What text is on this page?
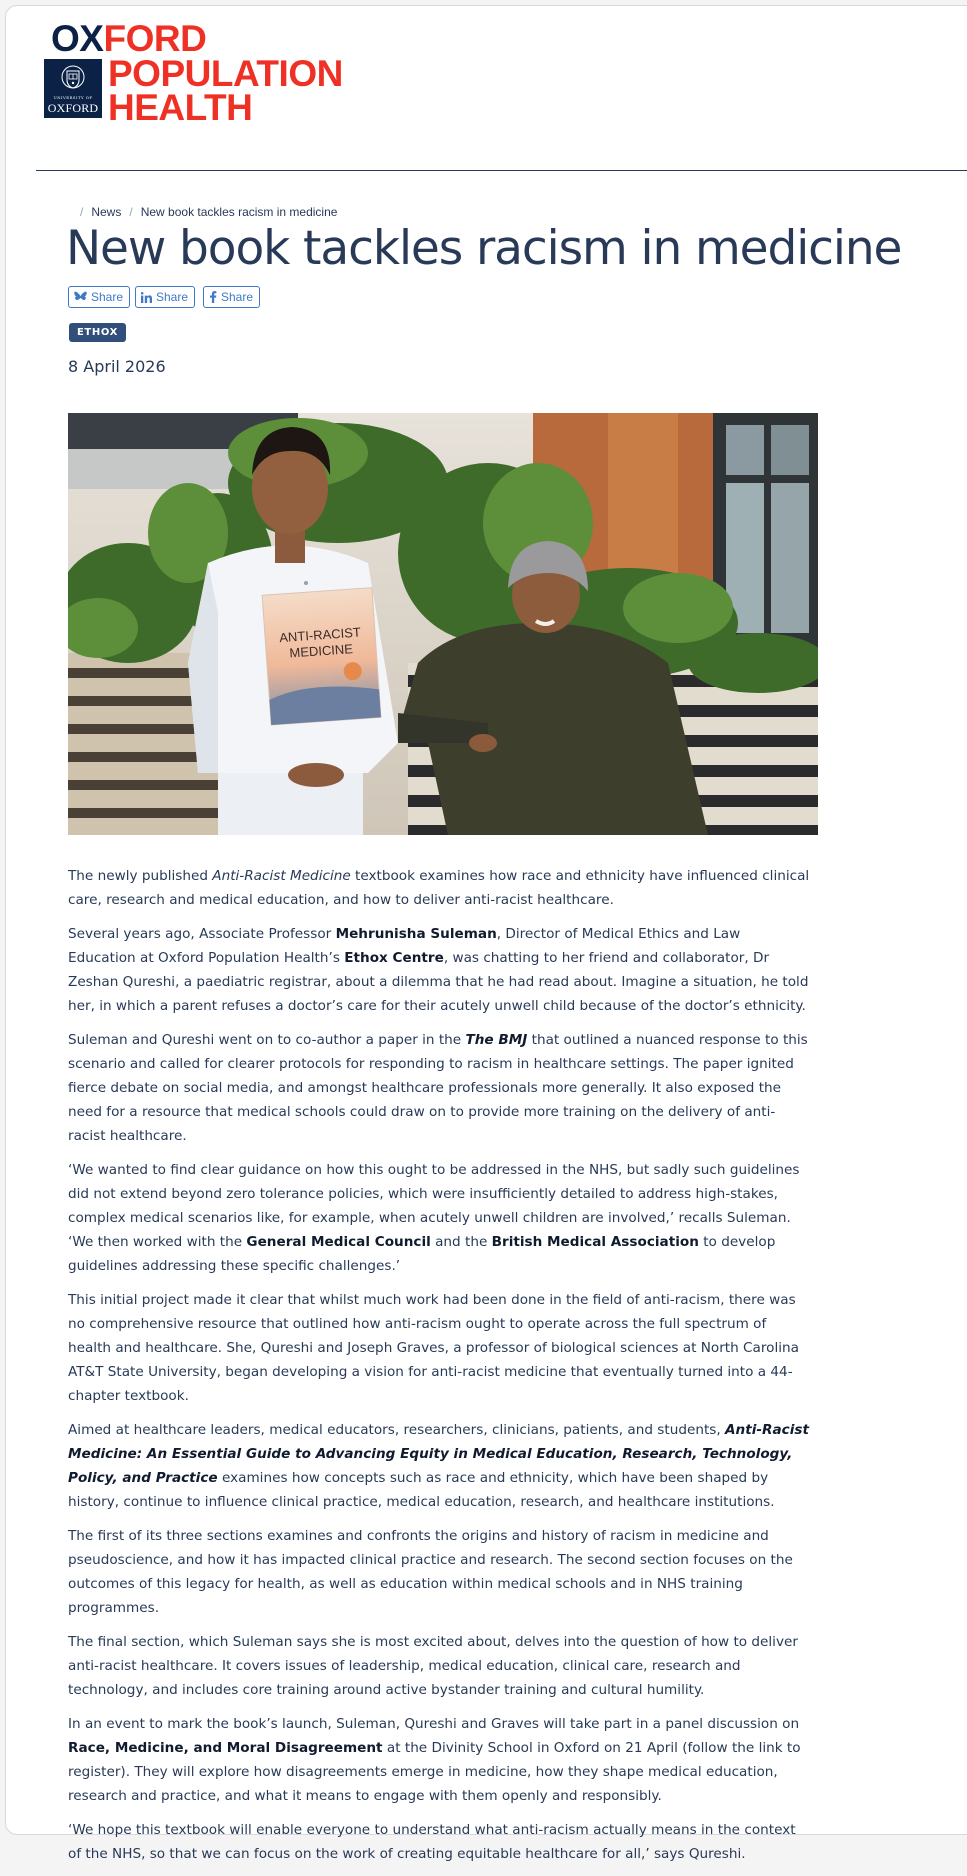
UNIVERSITY OF
OXFORD
OXFORD
POPULATION
HEALTH
/ News / New book tackles racism in medicine
New book tackles racism in medicine
Share	Share	Share
ETHOX
8 April 2026
ANTI-RACIST
MEDICINE

The newly published Anti-Racist Medicine textbook examines how race and ethnicity have influenced clinical care, research and medical education, and how to deliver anti-racist healthcare.

Several years ago, Associate Professor Mehrunisha Suleman, Director of Medical Ethics and Law Education at Oxford Population Health’s Ethox Centre, was chatting to her friend and collaborator, Dr Zeshan Qureshi, a paediatric registrar, about a dilemma that he had read about. Imagine a situation, he told her, in which a parent refuses a doctor’s care for their acutely unwell child because of the doctor’s ethnicity.

Suleman and Qureshi went on to co-author a paper in the The BMJ that outlined a nuanced response to this scenario and called for clearer protocols for responding to racism in healthcare settings. The paper ignited fierce debate on social media, and amongst healthcare professionals more generally. It also exposed the need for a resource that medical schools could draw on to provide more training on the delivery of anti-racist healthcare.

‘We wanted to find clear guidance on how this ought to be addressed in the NHS, but sadly such guidelines did not extend beyond zero tolerance policies, which were insufficiently detailed to address high-stakes, complex medical scenarios like, for example, when acutely unwell children are involved,’ recalls Suleman. ‘We then worked with the General Medical Council and the British Medical Association to develop guidelines addressing these specific challenges.’

This initial project made it clear that whilst much work had been done in the field of anti-racism, there was no comprehensive resource that outlined how anti-racism ought to operate across the full spectrum of health and healthcare. She, Qureshi and Joseph Graves, a professor of biological sciences at North Carolina AT&T State University, began developing a vision for anti-racist medicine that eventually turned into a 44-chapter textbook.

Aimed at healthcare leaders, medical educators, researchers, clinicians, patients, and students, Anti-Racist Medicine: An Essential Guide to Advancing Equity in Medical Education, Research, Technology, Policy, and Practice examines how concepts such as race and ethnicity, which have been shaped by history, continue to influence clinical practice, medical education, research, and healthcare institutions.

The first of its three sections examines and confronts the origins and history of racism in medicine and pseudoscience, and how it has impacted clinical practice and research. The second section focuses on the outcomes of this legacy for health, as well as education within medical schools and in NHS training programmes.

The final section, which Suleman says she is most excited about, delves into the question of how to deliver anti-racist healthcare. It covers issues of leadership, medical education, clinical care, research and technology, and includes core training around active bystander training and cultural humility.

In an event to mark the book’s launch, Suleman, Qureshi and Graves will take part in a panel discussion on Race, Medicine, and Moral Disagreement at the Divinity School in Oxford on 21 April (follow the link to register). They will explore how disagreements emerge in medicine, how they shape medical education, research and practice, and what it means to engage with them openly and responsibly.

‘We hope this textbook will enable everyone to understand what anti-racism actually means in the context of the NHS, so that we can focus on the work of creating equitable healthcare for all,’ says Qureshi.
